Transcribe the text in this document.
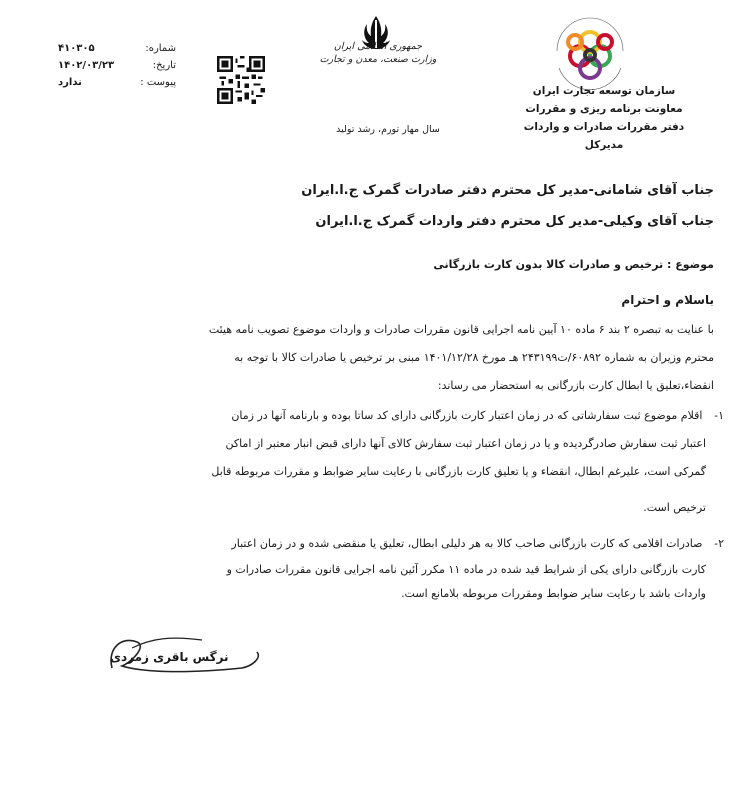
سازمان توسعه تجارت ایران
معاونت برنامه ریزی و مقررات
دفتر مقررات صادرات و واردات
مدیرکل
جمهوری اسلامی ایران
وزارت صنعت، معدن و تجارت
سال مهار تورم، رشد تولید
شماره:
۴۱۰۳۰۵
تاریخ:
۱۴۰۲/۰۳/۲۳
پیوست :
ندارد
جناب آقای شامانی-مدیر کل محترم دفتر صادرات گمرک ج.ا.ایران
جناب آقای وکیلی-مدیر کل محترم دفتر واردات گمرک ج.ا.ایران
موضوع : ترخیص و صادرات کالا بدون کارت بازرگانی
باسلام و احترام
با عنایت به تبصره ۲ بند ۶ ماده ۱۰ آیین نامه اجرایی قانون مقررات صادرات و واردات موضوع تصویب نامه هیئت
محترم وزیران به شماره ۶۰۸۹۲/ت۲۴۳۱۹۹ هـ مورخ ۱۴۰۱/۱۲/۲۸ مبنی بر ترخیص یا صادرات کالا با توجه به
انقضاء،تعلیق یا ابطال کارت بازرگانی به استحضار می رساند:
۱- اقلام موضوع ثبت سفارشاتی که در زمان اعتبار کارت بازرگانی دارای کد ساتا بوده و بارنامه آنها در زمان
اعتبار ثبت سفارش صادرگردیده و یا در زمان اعتبار ثبت سفارش کالای آنها دارای قبض انبار معتبر از اماکن
گمرکی است، علیرغم ابطال، انقضاء و یا تعلیق کارت بازرگانی با رعایت سایر ضوابط و مقررات مربوطه قابل
ترخیص است.
۲- صادرات اقلامی که کارت بازرگانی صاحب کالا به هر دلیلی ابطال، تعلیق یا منقضی شده و در زمان اعتبار
کارت بازرگانی دارای یکی از شرایط قید شده در ماده ۱۱ مکرر آئین نامه اجرایی قانون مقررات صادرات و
واردات باشد با رعایت سایر ضوابط ومقررات مربوطه بلامانع است.
نرگس باقری زمردی
